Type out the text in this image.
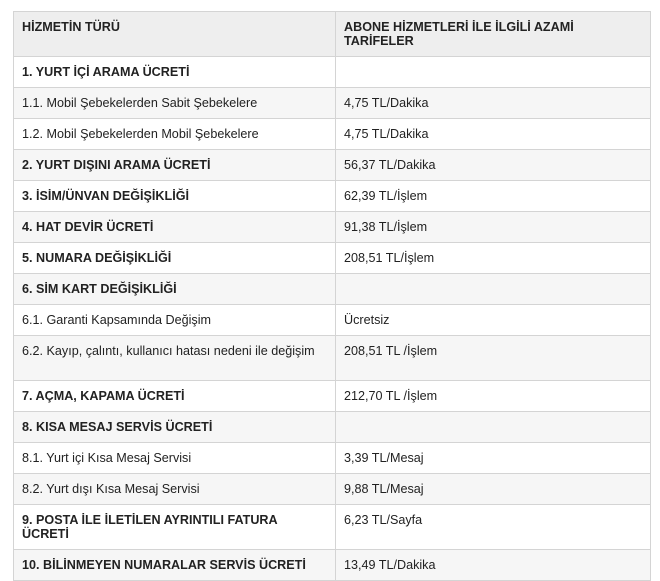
HİZMETİN TÜRÜ	ABONE HİZMETLERİ İLE İLGİLİ AZAMİ TARİFELER
1. YURT İÇİ ARAMA ÜCRETİ	
1.1. Mobil Şebekelerden Sabit Şebekelere	4,75 TL/Dakika
1.2. Mobil Şebekelerden Mobil Şebekelere	4,75 TL/Dakika
2. YURT DIŞINI ARAMA ÜCRETİ	56,37 TL/Dakika
3. İSİM/ÜNVAN DEĞİŞİKLİĞİ	62,39 TL/İşlem
4. HAT DEVİR ÜCRETİ	91,38 TL/İşlem
5. NUMARA DEĞİŞİKLİĞİ	208,51 TL/İşlem
6. SİM KART DEĞİŞİKLİĞİ	
6.1. Garanti Kapsamında Değişim	Ücretsiz
6.2. Kayıp, çalıntı, kullanıcı hatası nedeni ile değişim	208,51 TL /İşlem
7. AÇMA, KAPAMA ÜCRETİ	212,70 TL /İşlem
8. KISA MESAJ SERVİS ÜCRETİ	
8.1. Yurt içi Kısa Mesaj Servisi	3,39 TL/Mesaj
8.2. Yurt dışı Kısa Mesaj Servisi	9,88 TL/Mesaj
9. POSTA İLE İLETİLEN AYRINTILI FATURA ÜCRETİ	6,23 TL/Sayfa
10. BİLİNMEYEN NUMARALAR SERVİS ÜCRETİ	13,49 TL/Dakika
